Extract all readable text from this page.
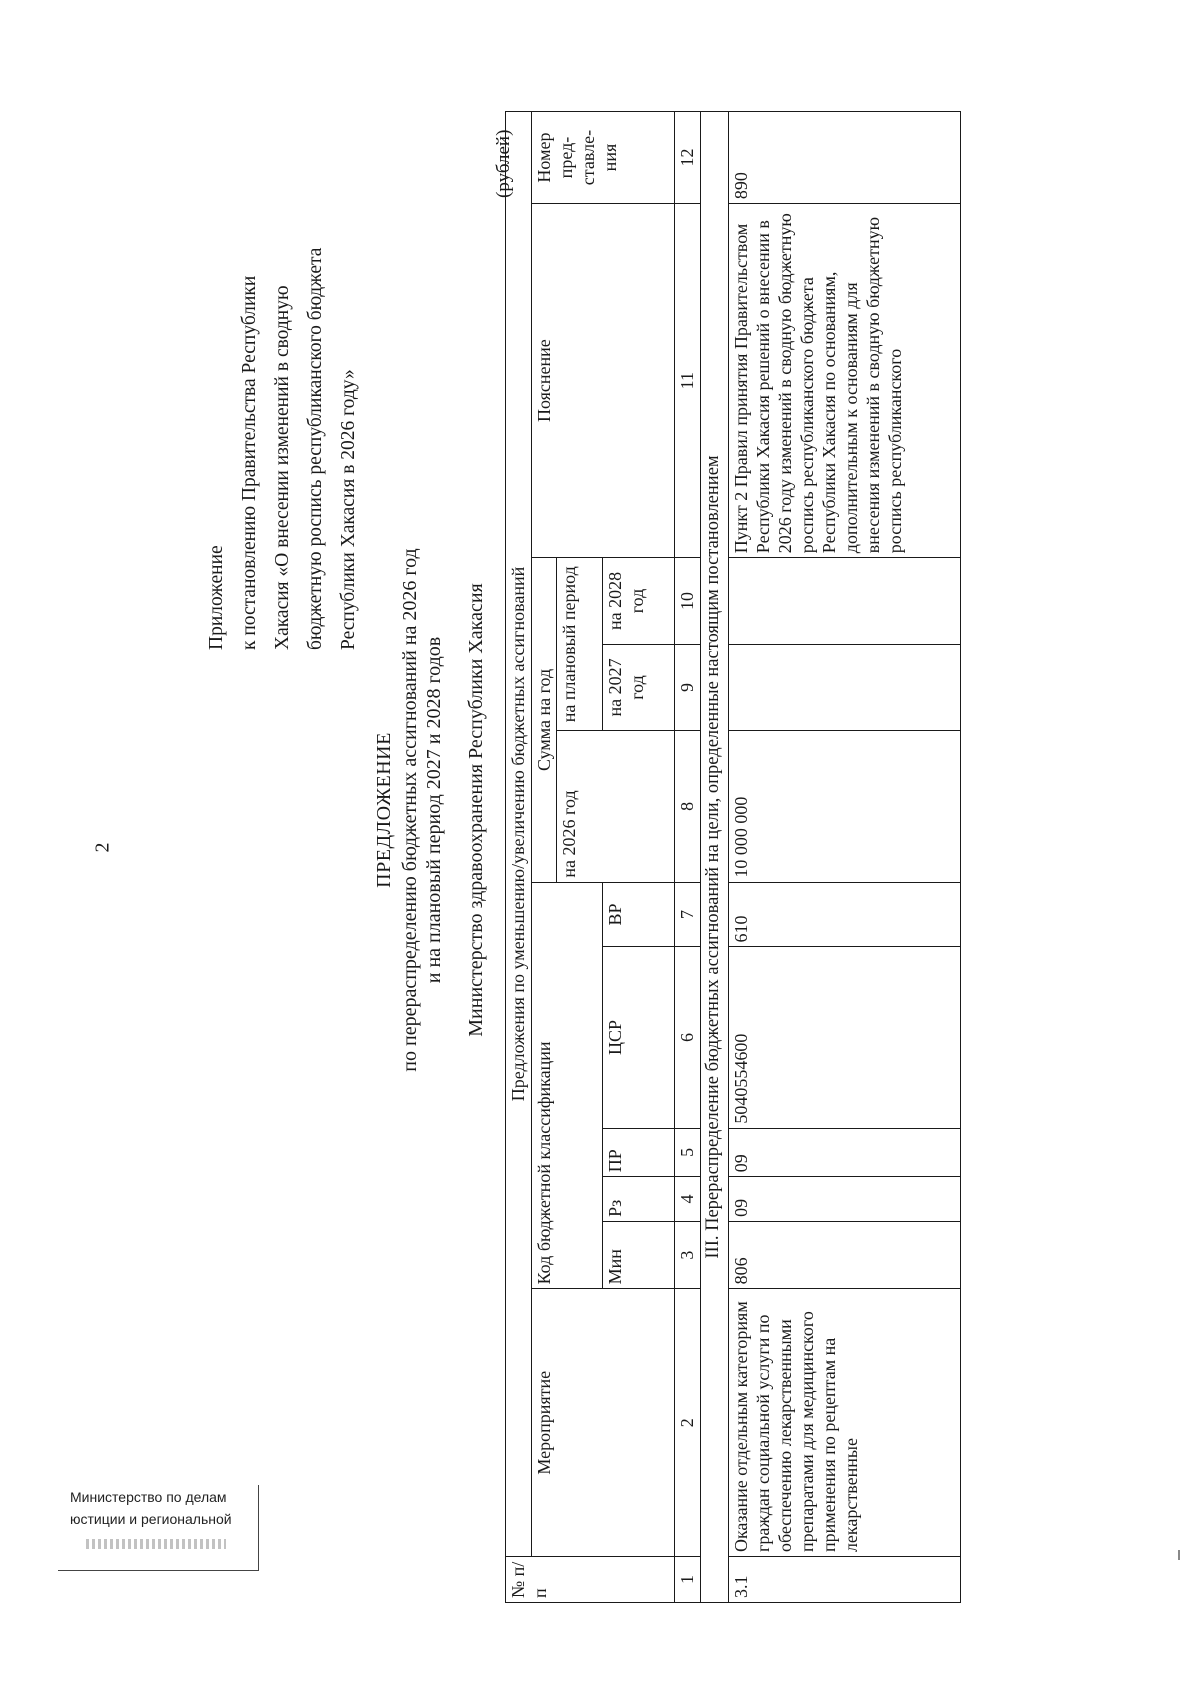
2
Приложение к постановлению Правительства Республики Хакасия «О внесении изменений в сводную бюджетную роспись республиканского бюджета Республики Хакасия в 2026 году»
ПРЕДЛОЖЕНИЕ по перераспределению бюджетных ассигнований на 2026 год и на плановый период 2027 и 2028 годов Министерство здравоохранения Республики Хакасия
(рублей)
№ п/п	Предложения по уменьшению/увеличению бюджетных ассигнований										
	Мероприятие	Код бюджетной классификации					Сумма на год			Пояснение	Номер пред- ставле- ния
							на 2026 год	на плановый период			
		Мин	Рз	ПР	ЦСР	ВР		на 2027 год	на 2028 год		
1	2	3	4	5	6	7	8	9	10	11	12
III. Перераспределение бюджетных ассигнований на цели, определенные настоящим постановлением											
3.1	Оказание отдельным категориям граждан социальной услуги по обеспечению лекарственными препаратами для медицинского применения по рецептам на лекарственные	806	09	09	5040554600	610	10 000 000			Пункт 2 Правил принятия Правительством Республики Хакасия решений о внесении в 2026 году изменений в сводную бюджетную роспись республиканского бюджета Республики Хакасия по основаниям, дополнительным к основаниям для внесения изменений в сводную бюджетную роспись республиканского	890
Министерство по делам
юстиции и региональной
